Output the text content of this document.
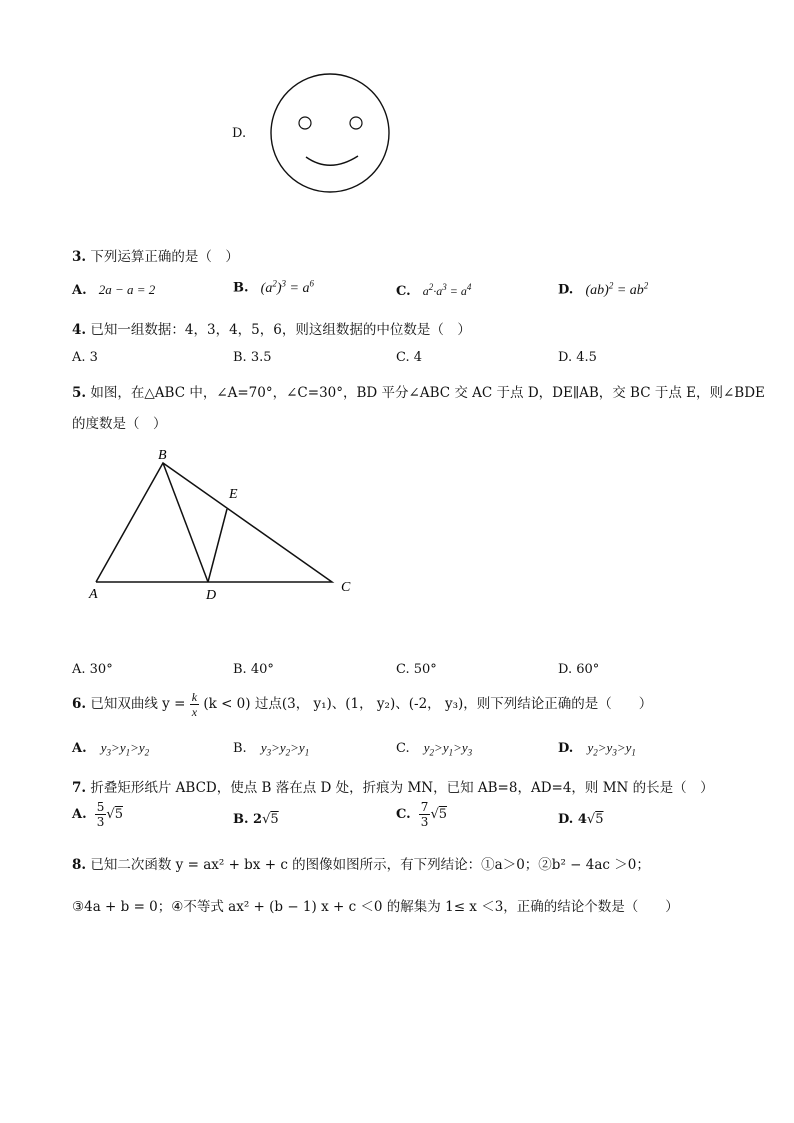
D.
3. 下列运算正确的是（　）
A. 2a − a = 2	B. $(a^2)^3 = a^6$
C. $a^2\cdot a^3 = a^4$	D. $(ab)^2 = ab^2$
4. 已知一组数据：4，3，4，5，6，则这组数据的中位数是（　）
A. 3	B. 3.5	C. 4	D. 4.5
5. 如图，在△ABC 中，∠A=70°，∠C=30°，BD 平分∠ABC 交 AC 于点 D，DE∥AB，交 BC 于点 E，则∠BDE
的度数是（　）
B
E
A	D
C
A. 30°	B. 40°	C. 50°	D. 60°
6. 已知双曲线 $y = \frac{k}{x} (k < 0)$ 过点(3， y₁)、(1， y₂)、(-2， y₃)，则下列结论正确的是（　　）
A. $y_3>y_1>y_2$	B. $y_3>y_2>y_1$	C. $y_2>y_1>y_3$	D. $y_2>y_3>y_1$
7. 折叠矩形纸片 ABCD，使点 B 落在点 D 处，折痕为 MN，已知 AB=8，AD=4，则 MN 的长是（　）
A. $\frac{5}{3} √5$	B. 2√5	C. $\frac{7}{3} √5$	D. 4√5
8. 已知二次函数 y = ax² + bx + c 的图像如图所示，有下列结论：①a＞0；②b² − 4ac ＞0；
③4a + b = 0；④不等式 ax² + (b − 1) x + c ＜0 的解集为 1≤ x ＜3，正确的结论个数是（　　）
